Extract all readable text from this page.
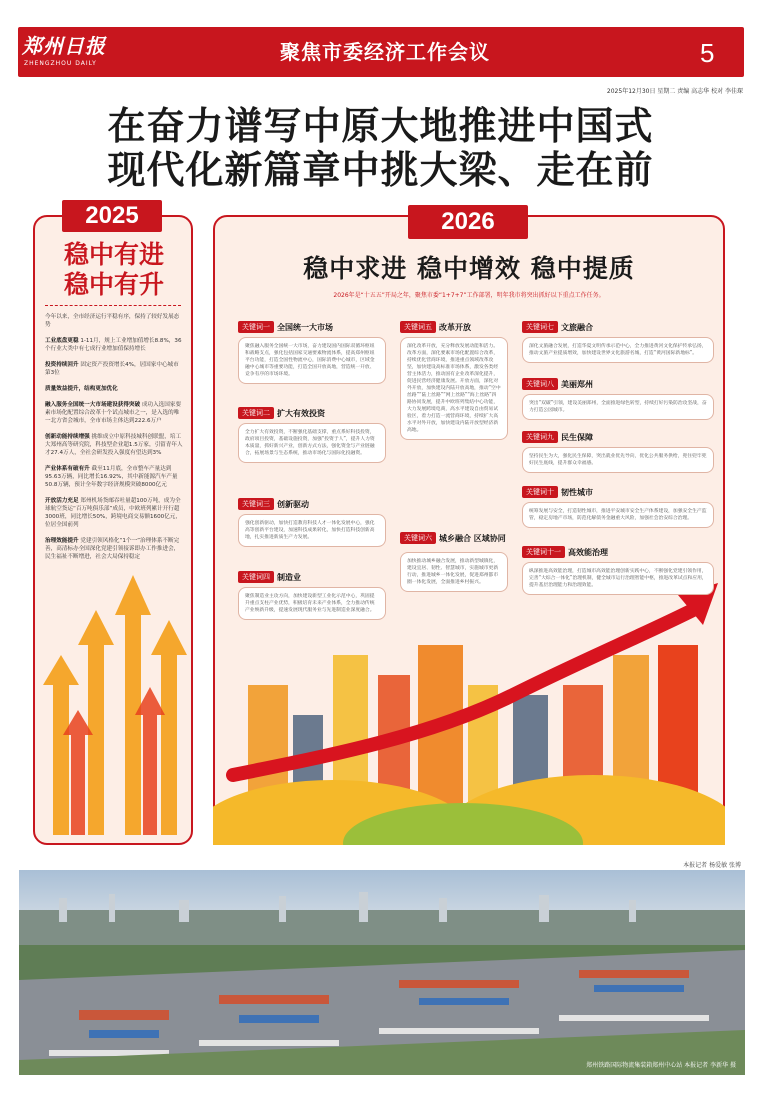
郑州日报
ZHENGZHOU DAILY	聚焦市委经济工作会议	5
2025年12月30日 星期二 责编 高志华 校对 李佳琛
在奋力谱写中原大地推进中国式
现代化新篇章中挑大梁、走在前
2025
稳中有进
稳中有升

今年以来，全市经济运行平稳有序，保持了较好发展态势

工业底盘更稳 1-11月，规上工业增加值增长8.8%，36个行业大类中有七成行业增加值保持增长

投资持续回升 固定资产投资增长4%，居国家中心城市第3位

质量效益提升，结构更加优化

融入服务全国统一大市场建设获得突破 成功入选国家要素市场化配置综合改革十个试点城市之一，是入选的唯一北方省会城市，全市市场主体达到222.6万户

创新动能持续增强 挑维成立中原科技城科创联盟，培工大郑州高等研究院，科技型企业超1.5万家，引留青年人才27.4万人，全社会研发投入强度有望达到3%

产业体系有破有升 截至11月底，全市整车产量达到95.63万辆，同比增长16.92%，其中新能源汽车产量50.8万辆，预计全年数字经济规模突破8000亿元

开放活力充足 郑州机场货邮吞吐量超100万吨，成为全球航空货运“百万吨俱乐部”成员，中欧班列累计开行超3000班，同比增长50%，跨境电商交易额1600亿元，位居全国前列

治理效能提升 党建引领风格化“1个一”治理体系不断完善，高清标办全国深化党建引领接诉即办工作推进会，民生福祉不断增进，社会大局保持稳定

2026
稳中求进 稳中增效 稳中提质
2026年是“十五五”开局之年，聚焦市委“1+7+7”工作部署，明年我市将突出抓好以下重点工作任务。
关键词一 全国统一大市场
聚焦融入服务全国统一大市场，奋力建设国内国际双循环枢纽和战略支点，强化包括国家交通要素物流体系，提高郑州枢纽平台功能，打造全国性物流中心，国际消费中心城市，区域金融中心城市等重要功能，打造全国开放高地，营造统一开放、竞争有序的市场环境。
关键词二 扩大有效投资
全力扩大有效投资，不断强化基础支撑，重点系好科技投资，政府项目投资，基础设施投资，加强“投资于人”，提升人力资本质量，抓好新兴产业，创新方式方法，强化资金与产业链融合，拓展场景与生态系统，推动市场化与国际化投融资。
关键词三 创新驱动
强化创新驱动，加快打造教育科技人才一体化发展中心，强化高等创新平台建设，加速科技成果转化，加快打造科技创新高地，扎实推进新质生产力发展。
关键词四 制造业
聚焦制造业主攻方向，加快建设新型工业化示范中心，巩固提升重点支柱产业优势，积极培育未来产业体系，全力推动传统产业焕新升级，提速发展现代服务业与先进制造业深度融合。
关键词五 改革开放
深化改革开放，充分释放发展动能和活力。改革方面，深化要素市场化配置综合改革，持续优化营商环境，推进重点领域改革攻坚，加快建设高标准市场体系，激发各类经营主体活力，推动国有企业改革深化提升，促进民营经济健康发展。开放方面，深化对外开放，加快建设内陆开放高地，推动“空中丝路”“陆上丝路”“网上丝路”“海上丝路”四路协同发展，提升中欧班列集结中心功能，大力发展跨境电商，高水平建设自由贸易试验区，着力打造一流营商环境，持续扩大高水平对外开放，加快建设内陆开放型经济新高地。
关键词六 城乡融合 区域协同
加快推动城乡融合发展，推动新型城镇化，建设宜居、韧性、智慧城市，实施城市更新行动，推进城乡一体化发展，促进郑州都市圈一体化发展，全面推进乡村振兴。
关键词七 文旅融合
深化文旅融合发展，打造华夏文明传承示范中心，全力推进黄河文化保护传承弘扬，推动文旅产业提质增效，加快建设世界文化旅游名城，打造“黄河国际新地标”。
关键词八 美丽郑州
突出“双碳”引领，建设美丽郑州，全面推进绿色转型，持续打好污染防治攻坚战，奋力打造公园城市。
关键词九 民生保障
坚持民生为大，强化民生保障，突出就业优先导向，优化公共服务供给，兜住兜牢兜好民生底线，提升群众幸福感。
关键词十 韧性城市
统筹发展与安全，打造韧性城市，推进平安城市安全生产体系建设，加强安全生产监管，稳定房地产市场，防范化解债务金融重大风险，加强社会治安综合治理。
关键词十一 高效能治理
纵深推进高效能治理，打造城市高效能治理创新实践中心，不断强化党建引领作用，完善“大综合一体化”治理机制，健全城市运行治理智能中枢，推进改革试点和应用，提升基层治理能力和治理效能。
本报记者 杨爱敏 张博
郑州铁路国际物流集装箱郑州中心站 本报记者 李新华 摄
